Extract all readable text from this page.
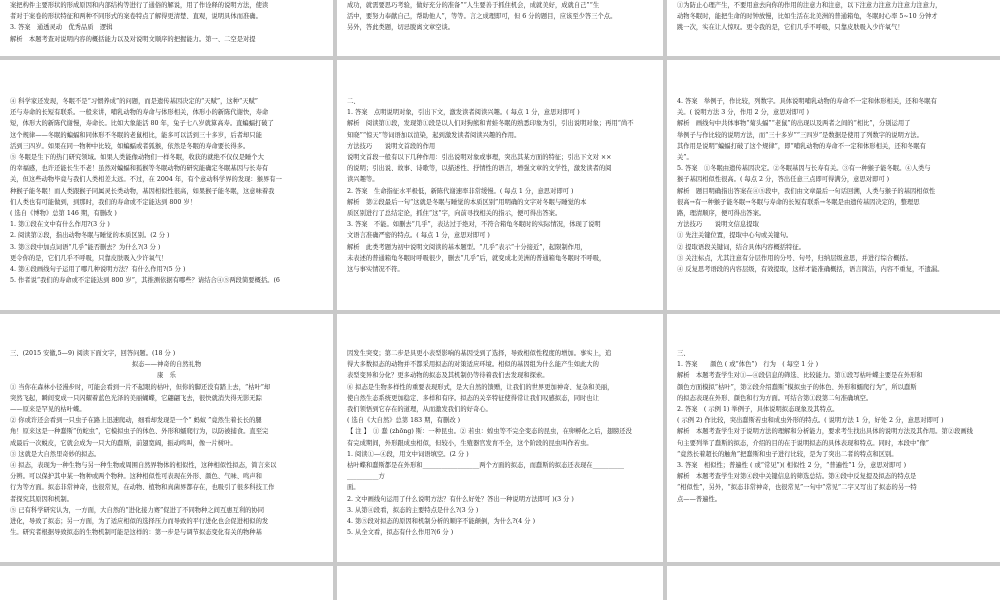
案把构件主要形状的形成原因和内部结构等进行了通俗的解说，用了作诠释的说明方法，使读
者对于案卷的形状特征和两种不同形式的案卷特点了解得更清楚、直观，说明具体而准确。
3. 答案　通透灵动　优秀品质　逻辑
解析　本题考查对说明内容的概括能力以及对说明文顺序的把握能力。第一、二空是对提
成功，就需要思巧考验，做好充分的准备”“人生要善于抓住机会，成就美好，成就自己”“生
活中，要努力奉献自己，帮助他人”，等等。言之成理即可，但 6 分的题目，应该至少答三个点。
另外，答此类题，切忌脱离文章空谈。
①为防止心理产生，不要用意去向你的作用的注意力和注意，以下注意力注意力注意力注意力，
动物冬眠时，能把生命的时钟放慢，比如生活在北美洲的普通箱龟，冬眠时心率 5~10 分钟才
跳一次，实在让人惊叹。更令我的是，它们几乎不呼吸，只靠皮肤吸入少许氧气！
④ 科学家还发现，冬眠不是“习惯养成”的问题，而是遗传基因决定的“天赋”，这种“天赋”
还与寿命的长短有联系。一般来讲，哺乳动物的寿命与体形相关，体形小的新陈代谢快，寿命
短，体形大的新陈代谢慢，寿命长。比如大象能活 80 年，兔子七八岁就算高寿。直蝙蝠打破了
这个规律——冬眠的蝙蝠和同体形不冬眠的老鼠相比，能多可以活到三十多岁，后者却只能
活到三四岁。如果在同一物种中比较，如蝙蝠或者狐猴，依然是冬眠的寿命要长得多。
⑤ 冬眠是生下的热门研究领域。如果人类能像动物们一样冬眠，收获的就绝不仅仅是睡个大
的幸福感，也许还能长生不老！虽然对蝙蝠和狐猴等冬眠动物的研究能确定冬眠基因与长寿有
关，但这些动物毕竟与我们人类相差太远。不过，在 2004 年，有个意动科学界的发现：猴界有一
种猴子能冬眠！而人类跟猴子同属灵长类动物，基因相似性很高，如果猴子能冬眠，这意味着我
们人类也有可能做到，到那时，我们的寿命或不定能达到 800 岁！
( 选自《博物》总第 146 期，有删改 )
1. 第①段在文中有什么作用?(3 分 )
2. 阅读第②段，指出动物冬眠与睡觉的本质区别。(2 分 )
3. 第③段中加点词语“几乎”能否删去？为什么?(3 分 )
更令你的是，它们几乎不呼吸，只靠皮肤吸入少许氧气！
4. 第④段画线句子运用了哪几种说明方法？有什么作用?(5 分 )
5. 作者说“我们的寿命或不定能达到 800 岁”，其推测依据有哪些？请结合④⑤两段简要概括。(6
二、
1. 答案　点明说明对象，引出下文，激发读者阅读兴趣。( 每点 1 分，意思对即可 )
解析　阅读第①段，发现第①段是以人们对狗熊和青蛙冬眠的熟悉印象为引，引出说明对象；再用“尚不
知晓”“惊天”等词语加以渲染，起到激发读者阅读兴趣的作用。
方法技巧　　说明文首段的作用
说明文首段一般有以下几种作用：引出说明对象或事理，突出其某方面的特征；引出下文对 ××
的说明；引出说、故事、诗歌等，以描述性、抒情性的语言，增强文章的文学性，激发读者的阅
读兴趣等。
2. 答案　生命指征水平极低，新陈代谢速率非常缓慢。( 每点 1 分，意思对即可 )
解析　第②段最后一句“这就是冬眠与睡觉的本质区别”用明确的文字对冬眠与睡觉的本
质区别进行了总结定论，抓住“这”字，向前寻找相关的指示，便可得出答案。
3. 答案　不能。如删去“几乎”，表达过于绝对，不符合箱龟冬眠时的实际情况，体现了说明
文语言准确严密的特点。( 每点 1 分，意思对即可 )
解析　此类考题为初中说明文阅读的基本题型。“几乎”表示“十分接近”，起限制作用，
未表述的普通箱龟冬眠时呼吸很少，删去“几乎”后，就变成北美洲的普通箱龟冬眠时不呼吸，
这与事实情况不符。
4. 答案　举例子，作比较，列数字。具体说明哺乳动物的寿命不一定和体形相关，还和冬眠有
关。( 说明方法 3 分，作用 2 分，意思对即可 )
解析　画线句中共体事物“菊头蝠”“老鼠”的出现以及两者之间的“相比”，分别运用了
举例子与作比较的说明方法，而“三十多岁”“三四岁”是数据是使用了列数字的说明方法。
其作用是说明“蝙蝠打破了这个规律”，即“哺乳动物的寿命不一定和体形相关，还和冬眠有
关”。
5. 答案　①冬眠由遗传基因决定。②冬眠基因与长寿有关。③有一种猴子能冬眠。④人类与
猴子基因相似性很高。( 每点 2 分，答出任意三点即可得满分，意思对即可 )
解析　题目明确指出答案在④⑤段中，我们由文章最后一句话回溯，人类与猴子的基因相似性
很高→有一种猴子能冬眠→冬眠与寿命的长短有联系→冬眠是由遗传基因决定的，整理思
路，理清顺序，便可得出答案。
方法技巧　　说明文信息提取
① 先注关键位置，提取中心句或关键句。
② 提取语段关键词，结合具体内容概括特征。
③ 关注标点，尤其注意有分层作用的分号、句号，归纳层级意思，并进行综合概括。
④ 反复思考语段的内容层级，有效提取，这样才能准确概括，语言简洁，内容不重复，不遗漏。
三、(2015 安徽,5—9) 阅读下面文字，回答问题。(18 分 )
拟态——神奇的自然礼物
康　乐
① 当你在森林小径漫步时，可能会看到一片不起眼的枯叶，但你的脚还没有踏上去，“枯叶”却
突然飞起，瞬间变成一只闪耀着蓝色光泽的美丽蝴蝶，它翩翩飞去，很快就消失得无影无踪
——原来是罕见的枯叶蝶。
② 你或许还会看到一只虫子在路上迅速爬动，细看却发现是一个“ 蚂蚁 ”竟然生着长长的腿
角！原来这是一种蠢斯“仿蛇虫”，它模拟虫子的体色、外形和蠕爬行为，以防被捕食。直至完
成最后一次蜕皮，它就会成为一只大的蠢斯，前翅宽阔，振动鸣叫，像一片树叶。
③ 这就是大自然里奇妙的拟态。
④ 拟态，表现为一种生物与另一种生物或周围自然界物体的相似性，这种相似性拟态，简言来以
分辨。可以保护其中某一物种或两个物种。这种相似性可表现在外形、颜色、气味、鸣声和
行为等方面。拟态非常神奇，也很常见，在动物、植物和真菌界都存在，也吸引了很多科技工作
者探究其原因和机制。
⑤ 已有科学研究认为，一方面，大自然的“进化接力赛”促进了不同物种之间互惠互利的协同
进化，导致了拟态；另一方面，为了适应相似的选择压力而导致的平行进化也会促进相似的发
生。研究者根据导致拟态的生物机制可能是这样的：第一步是与调节拟态变化有关的物种基
因发生突变；第二步是具更小表型影响的基因受到了选择，导致相似性程度的增加。事实上，追
得大多数拟态的动物并不都采用拟态的对策适应环境。相似的基因组为什么能产生如此大的
表型变异和分化？更多动物的拟态及其机制仍等待着我们去发现和探索。
⑥ 拟态是生物多样性的重要表现形式，是大自然的馈赠，让我们的世界更加神奇、复杂和美丽，
使自然生态系统更加稳定、多样和有序。拟态的关辛特征使得常让我们叹感拟态，同时也让
我们领悟到它存在的道理，从而激发我们的好奇心。
( 选自《大自然》总第 183 期，有删改 )
【 注 】　① 蠢 (zhōng) 斯：一种昆虫。② 若虫：蝗虫等不完全变态的昆虫，在卵孵化之后，翅膀还没
有完成期间，外形跟成虫相似，但较小，生殖器官发育不全，这个阶段的昆虫叫作若虫。
1. 阅读①—④段，用文中词语填空。(2 分 )
枯叶蝶和蠢斯都是在外形和__________________两个方面的拟态，而蠢斯的拟态还表现在__________
__________方
面。
2. 文中画线句运用了什么说明方法？有什么好处？答出一种说明方法即可 )(3 分 )
3. 从第④段看，拟态的主要特点是什么?(3 分 )
4. 第⑤段对拟态的原因和机制分析的顺序不能颠倒，为什么?(4 分 )
5. 从全文看，拟态有什么作用?(6 分 )
三、
1. 答案　　颜色 ( 或“体色”)　行为　( 每空 1 分 )
解析　本题考查学生对①—④段信息的筛选、比较能力。第①段写枯叶蝶主要是在外形和
颜色方面模拟“枯叶”，第②段介绍蠢斯“模拟虫子的体色、外形和蠕爬行为”，所以蠢斯
的拟态表现在外形、颜色和行为方面。可结合第①段第二句准确填空。
2. 答案　( 示例 1) 举例子，具体说明拟态现象及其特点。
( 示例 2) 作比较，突出蠢斯若虫和成虫外形的特点。( 说明方法 1 分，好处 2 分，意思对即可 )
解析　本题考查学生对于说明方法的理解和分析能力，要求考生找出具体的说明方法及其作用。第②段画线
句主要列举了蠢斯的拟态，介绍的目的在于说明拟态的具体表现和特点。同时，本段中“像”
“竟然长着超长的触角”把蠢斯和虫子进行比较，是为了突出二者的特点和区别。
3. 答案　相似性；普遍性 ( 或“常见”)( 相似性 2 分，“普遍性”1 分，意思对即可 )
解析　本题考查学生对第④段中关键信息的筛选总结。第④段中反复提及拟态的特点是
“相似性”，另外，“拟态非常神奇，也很常见”一句中“常见”二字又写出了拟态的另一特
点——普遍性。
